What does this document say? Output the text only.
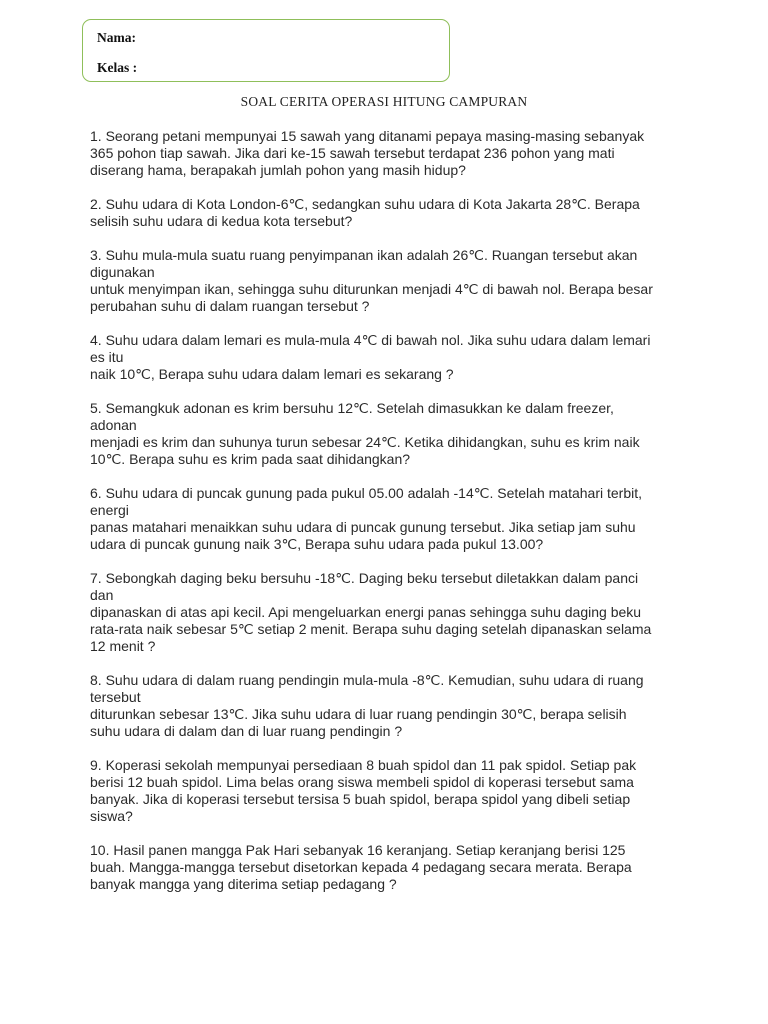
Nama:
Kelas :
SOAL CERITA OPERASI HITUNG CAMPURAN
1. Seorang petani mempunyai 15 sawah yang ditanami pepaya masing-masing sebanyak
365 pohon tiap sawah. Jika dari ke-15 sawah tersebut terdapat 236 pohon yang mati
diserang hama, berapakah jumlah pohon yang masih hidup?
2. Suhu udara di Kota London-6℃, sedangkan suhu udara di Kota Jakarta 28℃. Berapa
selisih suhu udara di kedua kota tersebut?
3. Suhu mula-mula suatu ruang penyimpanan ikan adalah 26℃. Ruangan tersebut akan
digunakan
untuk menyimpan ikan, sehingga suhu diturunkan menjadi 4℃ di bawah nol. Berapa besar
perubahan suhu di dalam ruangan tersebut ?
4. Suhu udara dalam lemari es mula-mula 4℃ di bawah nol. Jika suhu udara dalam lemari
es itu
naik 10℃, Berapa suhu udara dalam lemari es sekarang ?
5. Semangkuk adonan es krim bersuhu 12℃. Setelah dimasukkan ke dalam freezer,
adonan
menjadi es krim dan suhunya turun sebesar 24℃. Ketika dihidangkan, suhu es krim naik
10℃. Berapa suhu es krim pada saat dihidangkan?
6. Suhu udara di puncak gunung pada pukul 05.00 adalah -14℃. Setelah matahari terbit,
energi
panas matahari menaikkan suhu udara di puncak gunung tersebut. Jika setiap jam suhu
udara di puncak gunung naik 3℃, Berapa suhu udara pada pukul 13.00?
7. Sebongkah daging beku bersuhu -18℃. Daging beku tersebut diletakkan dalam panci
dan
dipanaskan di atas api kecil. Api mengeluarkan energi panas sehingga suhu daging beku
rata-rata naik sebesar 5℃ setiap 2 menit. Berapa suhu daging setelah dipanaskan selama
12 menit ?
8. Suhu udara di dalam ruang pendingin mula-mula -8℃. Kemudian, suhu udara di ruang
tersebut
diturunkan sebesar 13℃. Jika suhu udara di luar ruang pendingin 30℃, berapa selisih
suhu udara di dalam dan di luar ruang pendingin ?
9. Koperasi sekolah mempunyai persediaan 8 buah spidol dan 11 pak spidol. Setiap pak
berisi 12 buah spidol. Lima belas orang siswa membeli spidol di koperasi tersebut sama
banyak. Jika di koperasi tersebut tersisa 5 buah spidol, berapa spidol yang dibeli setiap
siswa?
10. Hasil panen mangga Pak Hari sebanyak 16 keranjang. Setiap keranjang berisi 125
buah. Mangga-mangga tersebut disetorkan kepada 4 pedagang secara merata. Berapa
banyak mangga yang diterima setiap pedagang ?
